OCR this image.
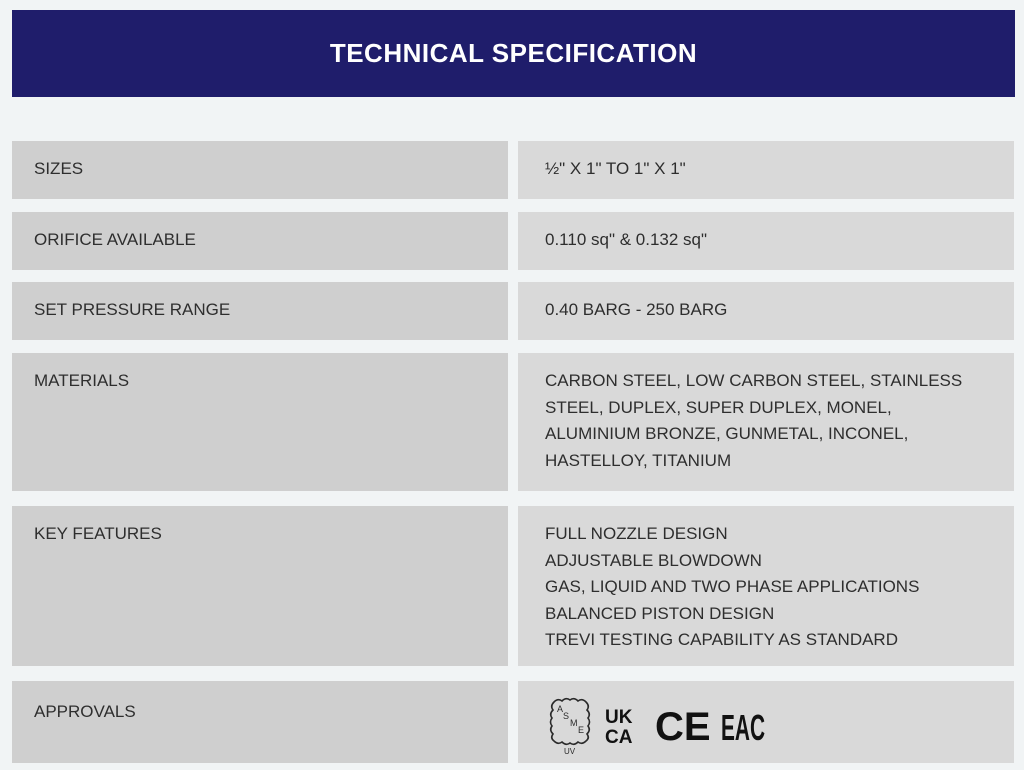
TECHNICAL SPECIFICATION
SIZES	½" X 1" TO 1" X 1"
ORIFICE AVAILABLE	0.110 sq" & 0.132 sq"
SET PRESSURE RANGE	0.40 BARG - 250 BARG
MATERIALS	CARBON STEEL, LOW CARBON STEEL, STAINLESS
STEEL, DUPLEX, SUPER DUPLEX, MONEL,
ALUMINIUM BRONZE, GUNMETAL, INCONEL,
HASTELLOY, TITANIUM
KEY FEATURES	FULL NOZZLE DESIGN
ADJUSTABLE BLOWDOWN
GAS, LIQUID AND TWO PHASE APPLICATIONS
BALANCED PISTON DESIGN
TREVI TESTING CAPABILITY AS STANDARD
APPROVALS	A
S
M
E
UV
UK
CA CE EAC
